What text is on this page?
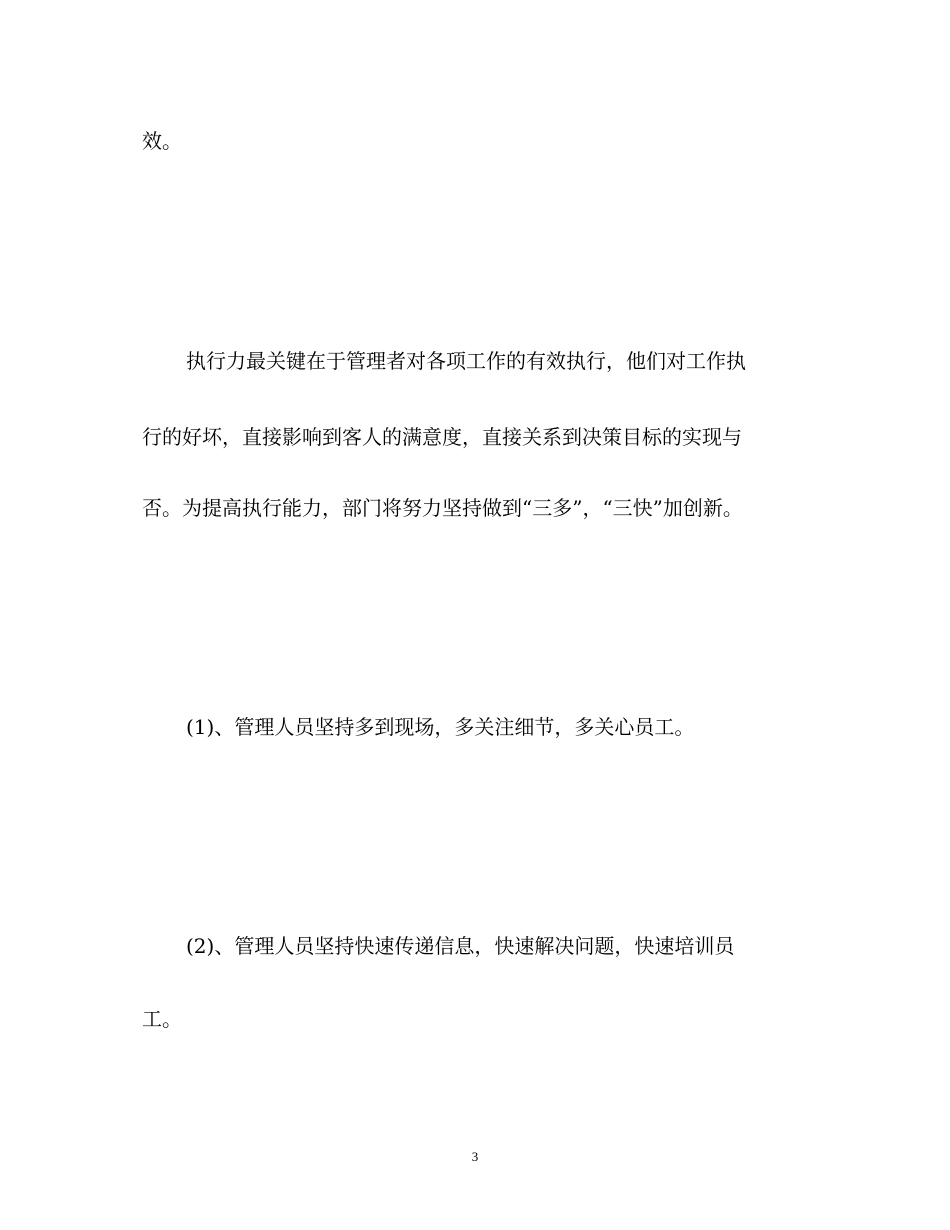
效。

执行力最关键在于管理者对各项工作的有效执行，他们对工作执

行的好坏，直接影响到客人的满意度，直接关系到决策目标的实现与

否。为提高执行能力，部门将努力坚持做到“三多”，“三快”加创新。

(1)、管理人员坚持多到现场，多关注细节，多关心员工。

(2)、管理人员坚持快速传递信息，快速解决问题，快速培训员

工。

3
